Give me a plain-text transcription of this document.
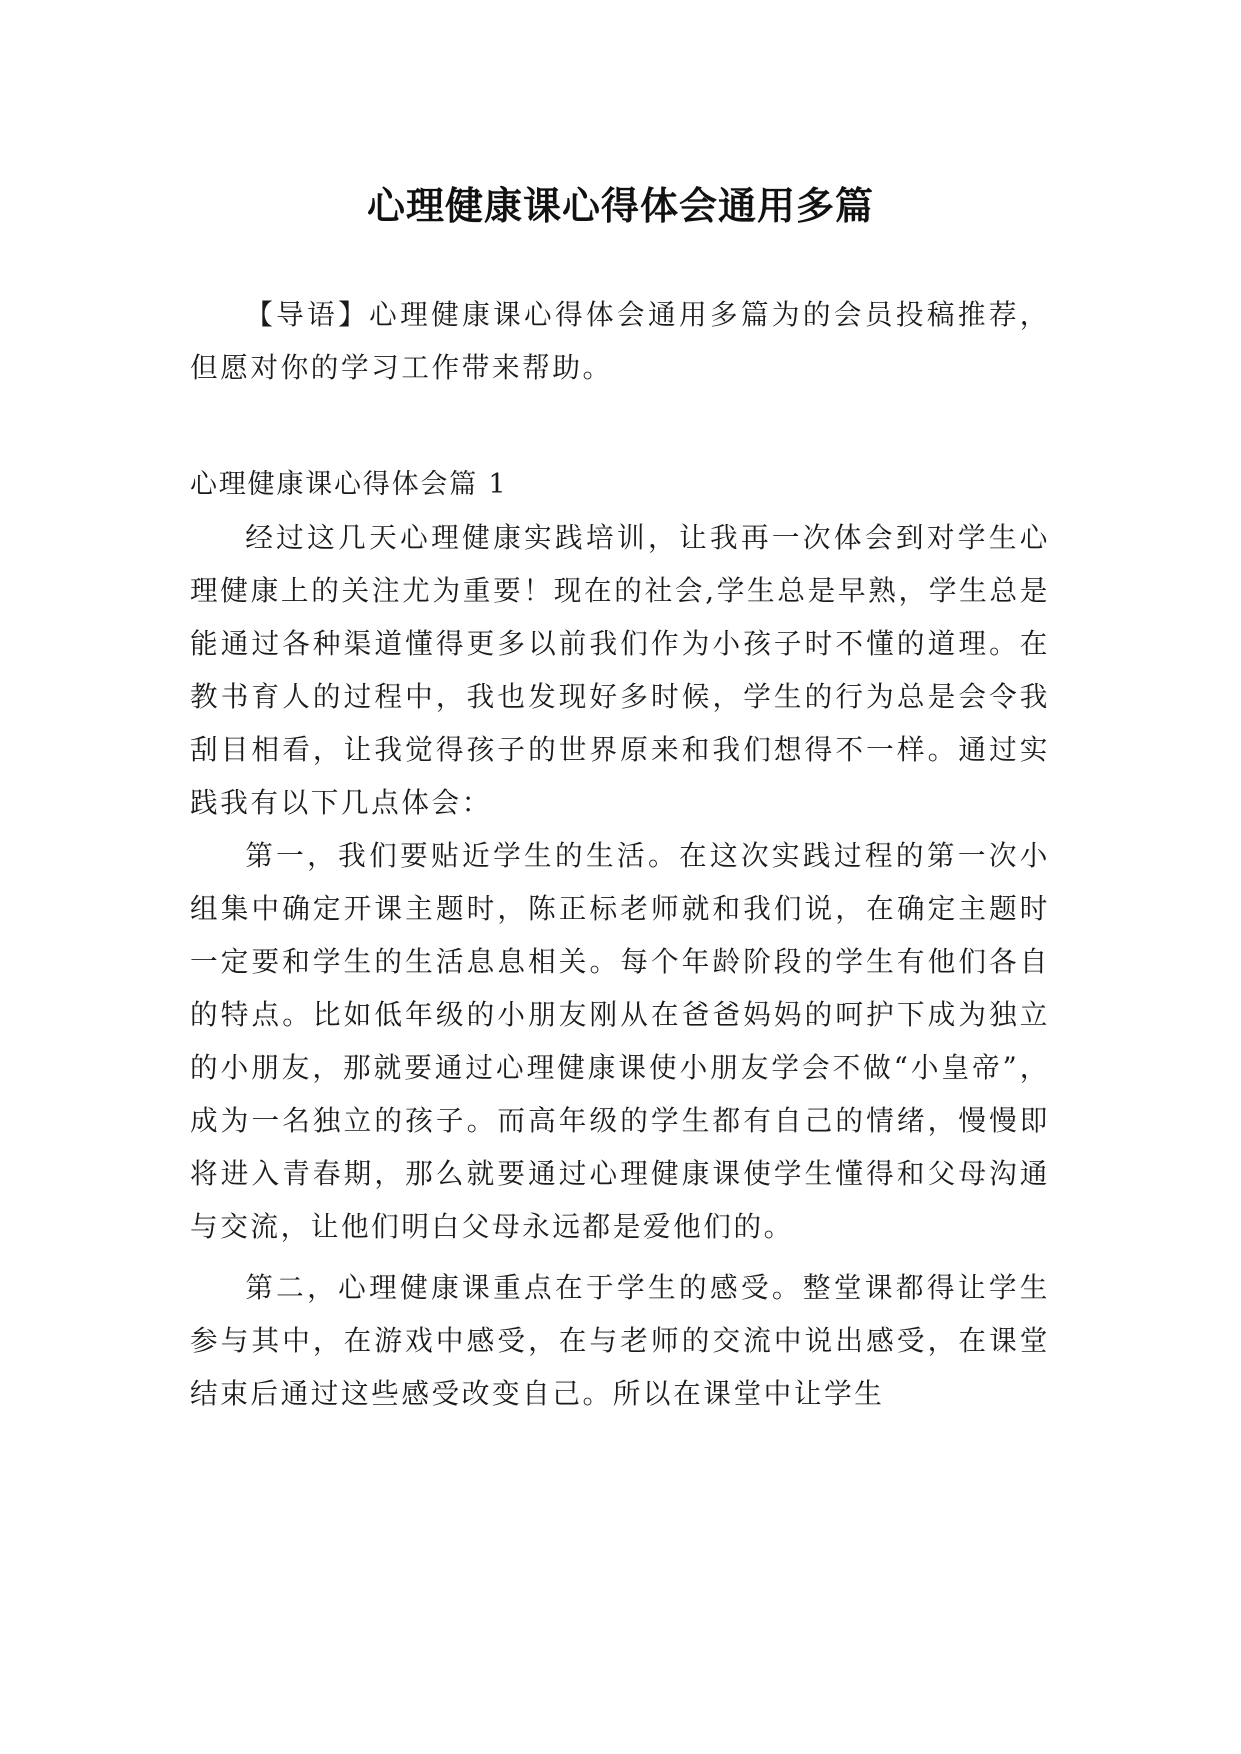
心理健康课心得体会通用多篇

【导语】心理健康课心得体会通用多篇为的会员投稿推荐，但愿对你的学习工作带来帮助。

心理健康课心得体会篇 1

经过这几天心理健康实践培训，让我再一次体会到对学生心理健康上的关注尤为重要！现在的社会,学生总是早熟，学生总是能通过各种渠道懂得更多以前我们作为小孩子时不懂的道理。在教书育人的过程中，我也发现好多时候，学生的行为总是会令我刮目相看，让我觉得孩子的世界原来和我们想得不一样。通过实践我有以下几点体会：

第一，我们要贴近学生的生活。在这次实践过程的第一次小组集中确定开课主题时，陈正标老师就和我们说，在确定主题时一定要和学生的生活息息相关。每个年龄阶段的学生有他们各自的特点。比如低年级的小朋友刚从在爸爸妈妈的呵护下成为独立的小朋友，那就要通过心理健康课使小朋友学会不做“小皇帝”，成为一名独立的孩子。而高年级的学生都有自己的情绪，慢慢即将进入青春期，那么就要通过心理健康课使学生懂得和父母沟通与交流，让他们明白父母永远都是爱他们的。

第二，心理健康课重点在于学生的感受。整堂课都得让学生参与其中，在游戏中感受，在与老师的交流中说出感受，在课堂结束后通过这些感受改变自己。所以在课堂中让学生
